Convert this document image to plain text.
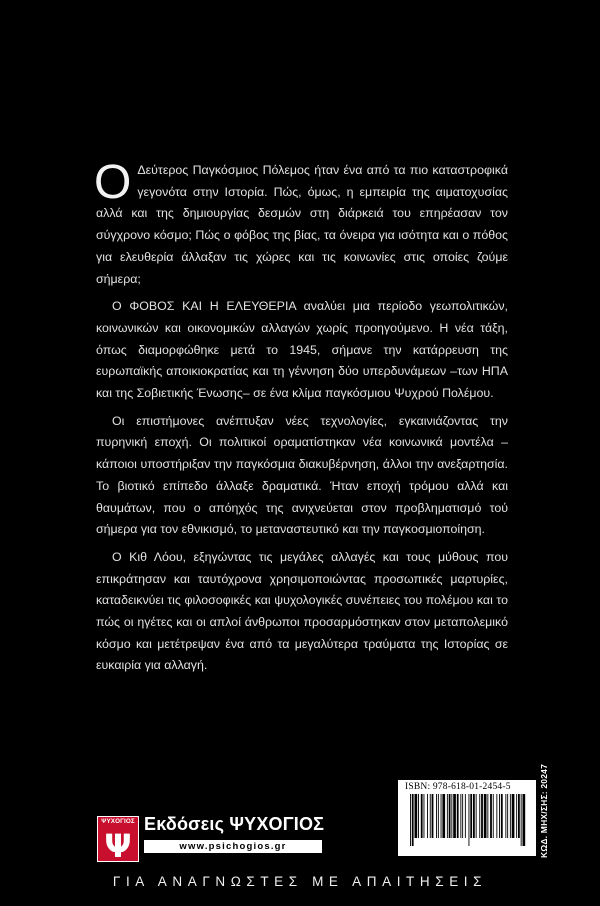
Ο Δεύτερος Παγκόσμιος Πόλεμος ήταν ένα από τα πιο καταστροφικά γεγονότα στην Ιστορία. Πώς, όμως, η εμπειρία της αιματοχυσίας αλλά και της δημιουργίας δεσμών στη διάρκειά του επηρέασαν τον σύγχρονο κόσμο; Πώς ο φόβος της βίας, τα όνειρα για ισότητα και ο πόθος για ελευθερία άλλαξαν τις χώρες και τις κοινωνίες στις οποίες ζούμε σήμερα;

Ο ΦΟΒΟΣ ΚΑΙ Η ΕΛΕΥΘΕΡΙΑ αναλύει μια περίοδο γεωπολιτικών, κοινωνικών και οικονομικών αλλαγών χωρίς προηγούμενο. Η νέα τάξη, όπως διαμορφώθηκε μετά το 1945, σήμανε την κατάρρευση της ευρωπαϊκής αποικιοκρατίας και τη γέννηση δύο υπερδυνάμεων –των ΗΠΑ και της Σοβιετικής Ένωσης– σε ένα κλίμα παγκόσμιου Ψυχρού Πολέμου.

Οι επιστήμονες ανέπτυξαν νέες τεχνολογίες, εγκαινιάζοντας την πυρηνική εποχή. Οι πολιτικοί οραματίστηκαν νέα κοινωνικά μοντέλα – κάποιοι υποστήριξαν την παγκόσμια διακυβέρνηση, άλλοι την ανεξαρτησία. Το βιοτικό επίπεδο άλλαξε δραματικά. Ήταν εποχή τρόμου αλλά και θαυμάτων, που ο απόηχός της ανιχνεύεται στον προβληματισμό τού σήμερα για τον εθνικισμό, το μεταναστευτικό και την παγκοσμιοποίηση.

Ο Κιθ Λόου, εξηγώντας τις μεγάλες αλλαγές και τους μύθους που επικράτησαν και ταυτόχρονα χρησιμοποιώντας προσωπικές μαρτυρίες, καταδεικνύει τις φιλοσοφικές και ψυχολογικές συνέπειες του πολέμου και το πώς οι ηγέτες και οι απλοί άνθρωποι προσαρμόστηκαν στον μεταπολεμικό κόσμο και μετέτρεψαν ένα από τα μεγαλύτερα τραύματα της Ιστορίας σε ευκαιρία για αλλαγή.

ΨΥΧΟΓΙΟΣ
Ψ
Εκδόσεις ΨΥΧΟΓΙΟΣ
www.psichogios.gr
ISBN: 978-618-01-2454-5
9 786180	124545
ΚΩΔ. ΜΗΧ/ΣΗΣ: 20247
ΓΙΑ ΑΝΑΓΝΩΣΤΕΣ ΜΕ ΑΠΑΙΤΗΣΕΙΣ
